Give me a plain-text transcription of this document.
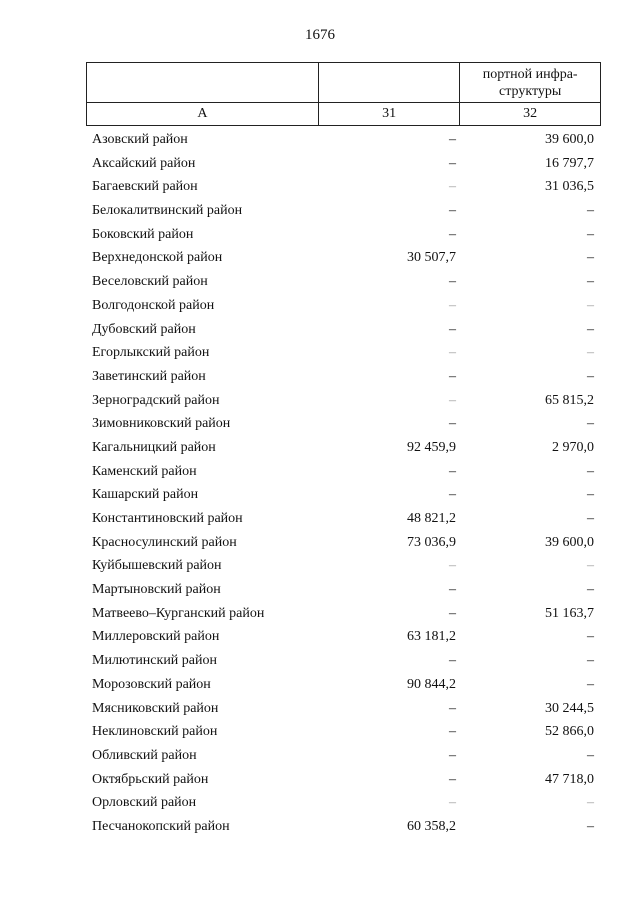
1676

		портной инфра-
структуры

А	31	32
Азовский район	–	39 600,0
Аксайский район	–	16 797,7
Багаевский район	–	31 036,5
Белокалитвинский район	–	–
Боковский район	–	–
Верхнедонской район	30 507,7	–
Веселовский район	–	–
Волгодонской район	–	–
Дубовский район	–	–
Егорлыкский район	–	–
Заветинский район	–	–
Зерноградский район	–	65 815,2
Зимовниковский район	–	–
Кагальницкий район	92 459,9	2 970,0
Каменский район	–	–
Кашарский район	–	–
Константиновский район	48 821,2	–
Красносулинский район	73 036,9	39 600,0
Куйбышевский район	–	–
Мартыновский район	–	–
Матвеево–Курганский район	–	51 163,7
Миллеровский район	63 181,2	–
Милютинский район	–	–
Морозовский район	90 844,2	–
Мясниковский район	–	30 244,5
Неклиновский район	–	52 866,0
Обливский район	–	–
Октябрьский район	–	47 718,0
Орловский район	–	–
Песчанокопский район	60 358,2	–
